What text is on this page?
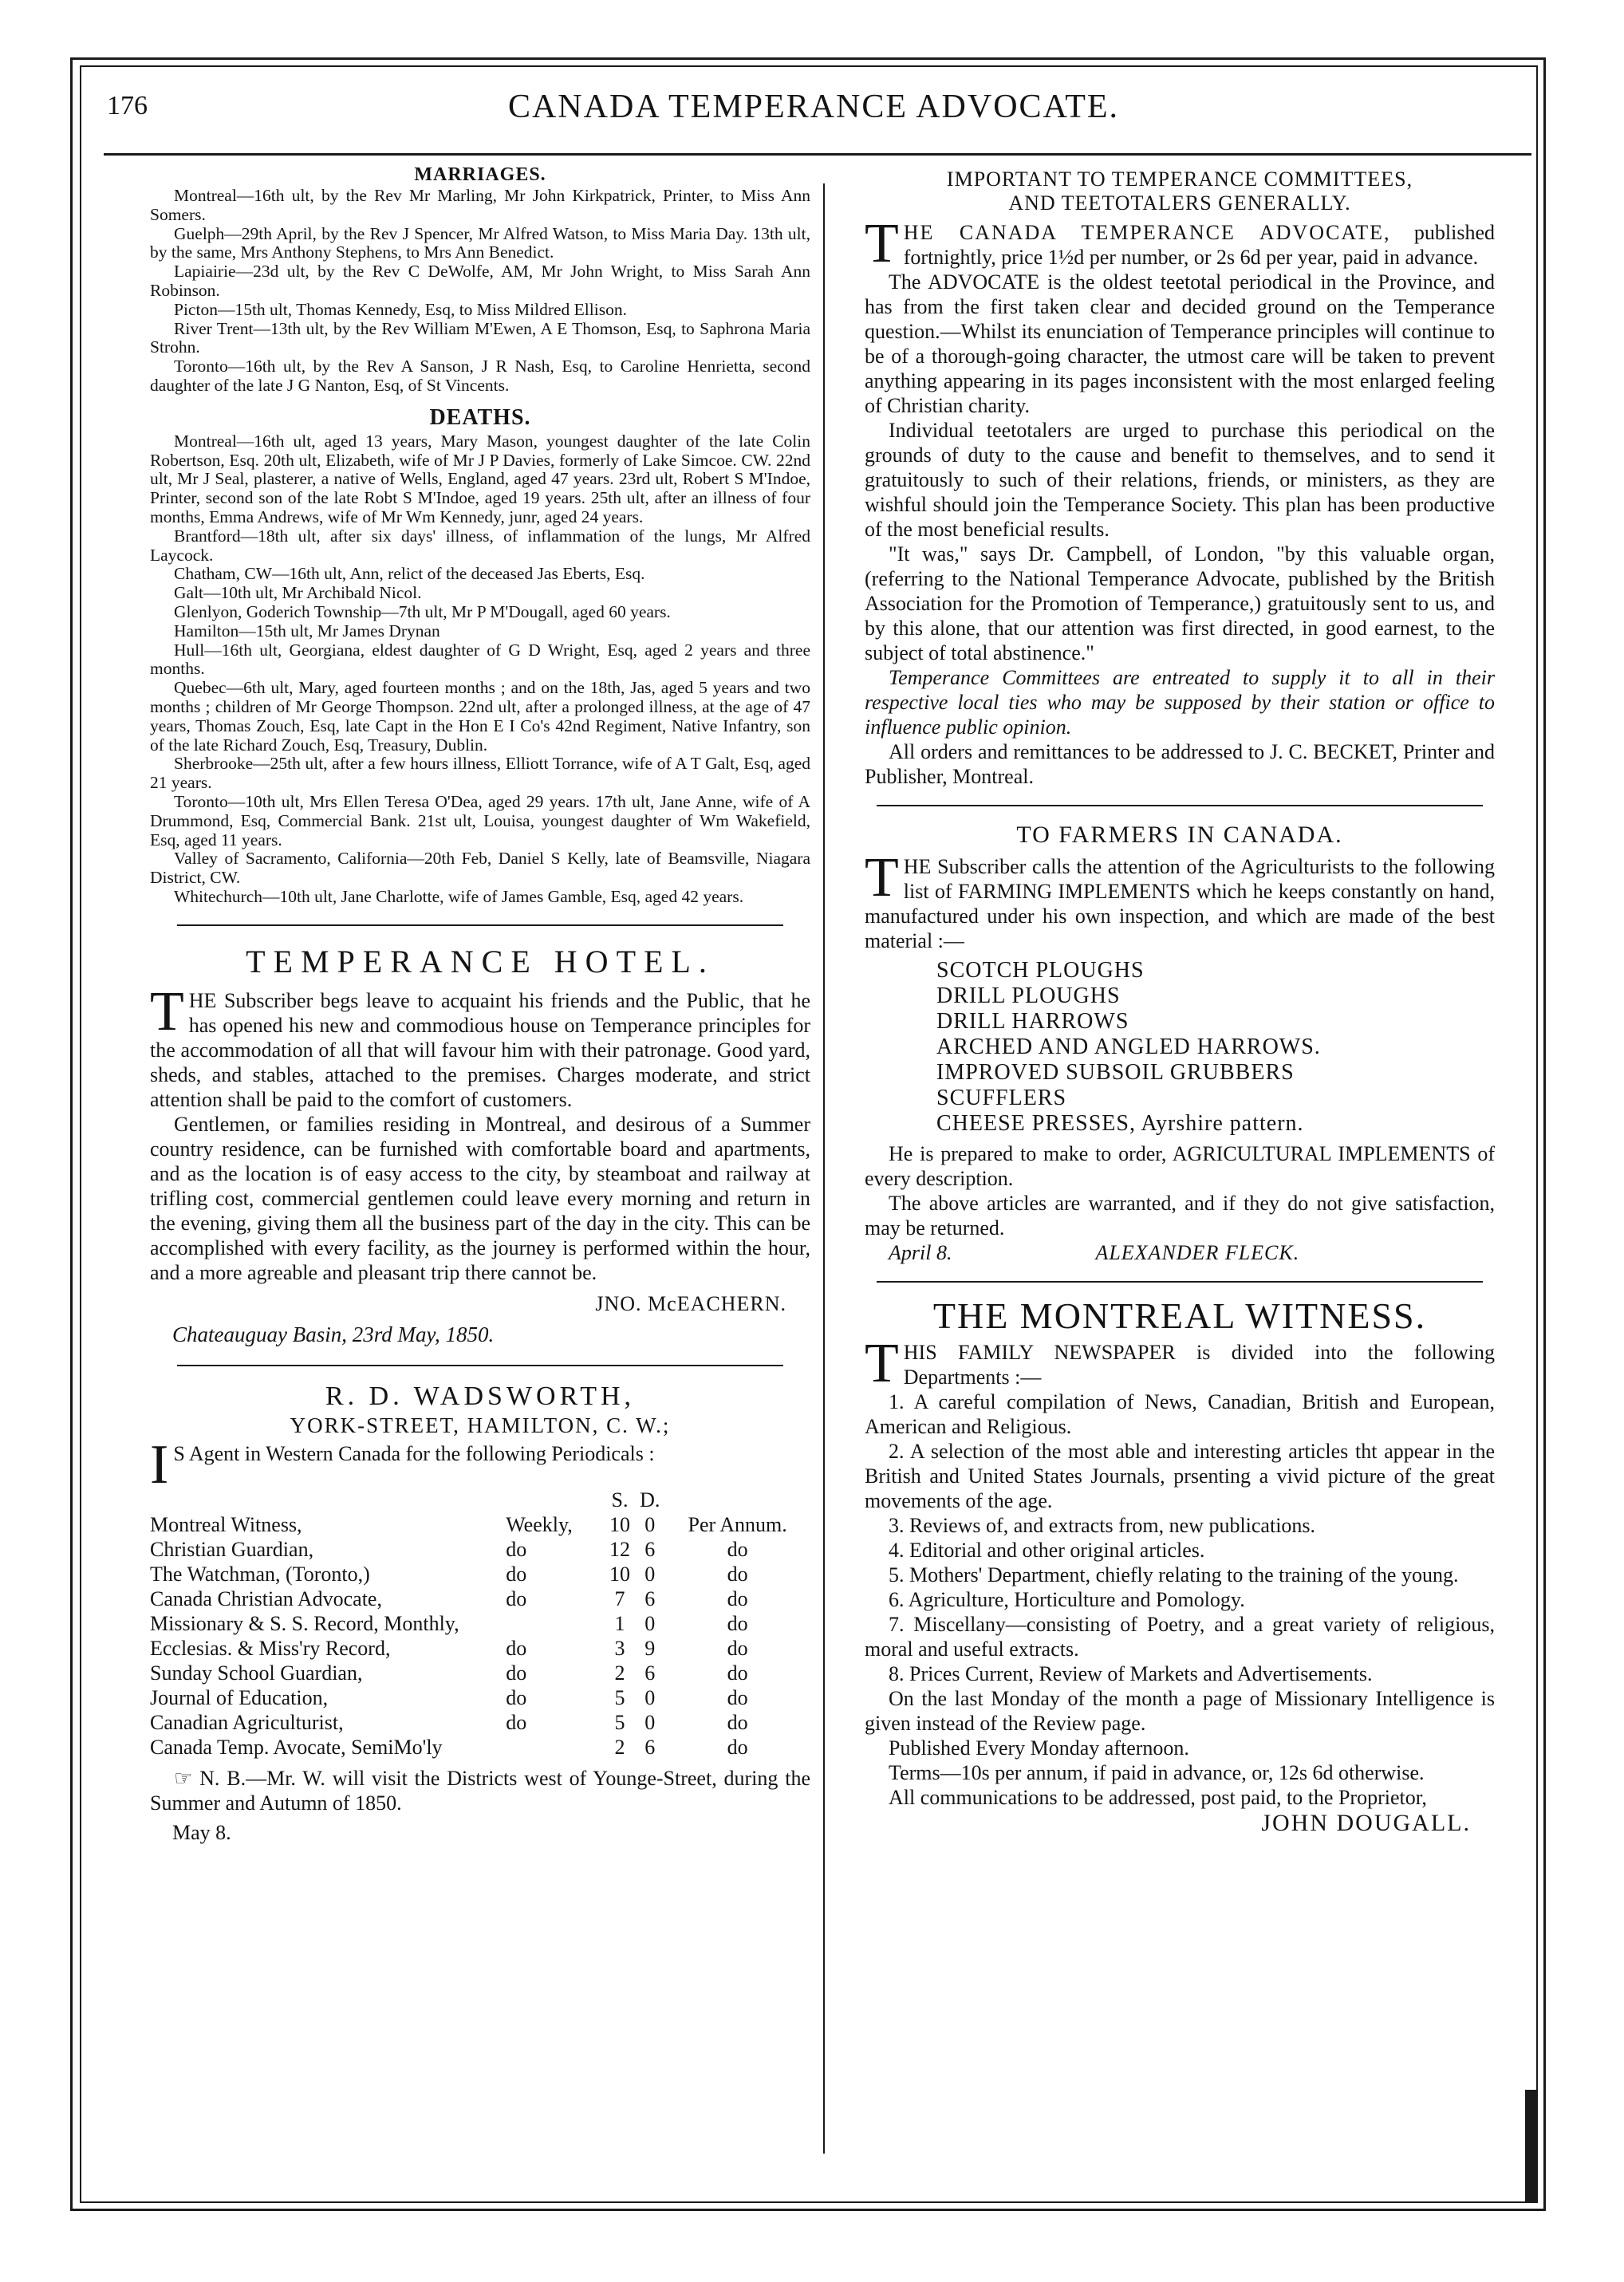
176	CANADA TEMPERANCE ADVOCATE.

MARRIAGES.

Montreal—16th ult, by the Rev Mr Marling, Mr John Kirkpatrick, Printer, to Miss Ann Somers.

Guelph—29th April, by the Rev J Spencer, Mr Alfred Watson, to Miss Maria Day. 13th ult, by the same, Mrs Anthony Stephens, to Mrs Ann Benedict.

Lapiairie—23d ult, by the Rev C DeWolfe, AM, Mr John Wright, to Miss Sarah Ann Robinson.

Picton—15th ult, Thomas Kennedy, Esq, to Miss Mildred Ellison.

River Trent—13th ult, by the Rev William M'Ewen, A E Thomson, Esq, to Saphrona Maria Strohn.

Toronto—16th ult, by the Rev A Sanson, J R Nash, Esq, to Caroline Henrietta, second daughter of the late J G Nanton, Esq, of St Vincents.

DEATHS.

Montreal—16th ult, aged 13 years, Mary Mason, youngest daughter of the late Colin Robertson, Esq. 20th ult, Elizabeth, wife of Mr J P Davies, formerly of Lake Simcoe. CW. 22nd ult, Mr J Seal, plasterer, a native of Wells, England, aged 47 years. 23rd ult, Robert S M'Indoe, Printer, second son of the late Robt S M'Indoe, aged 19 years. 25th ult, after an illness of four months, Emma Andrews, wife of Mr Wm Kennedy, junr, aged 24 years.

Brantford—18th ult, after six days' illness, of inflammation of the lungs, Mr Alfred Laycock.

Chatham, CW—16th ult, Ann, relict of the deceased Jas Eberts, Esq.

Galt—10th ult, Mr Archibald Nicol.

Glenlyon, Goderich Township—7th ult, Mr P M'Dougall, aged 60 years.

Hamilton—15th ult, Mr James Drynan

Hull—16th ult, Georgiana, eldest daughter of G D Wright, Esq, aged 2 years and three months.

Quebec—6th ult, Mary, aged fourteen months ; and on the 18th, Jas, aged 5 years and two months ; children of Mr George Thompson. 22nd ult, after a prolonged illness, at the age of 47 years, Thomas Zouch, Esq, late Capt in the Hon E I Co's 42nd Regiment, Native Infantry, son of the late Richard Zouch, Esq, Treasury, Dublin.

Sherbrooke—25th ult, after a few hours illness, Elliott Torrance, wife of A T Galt, Esq, aged 21 years.

Toronto—10th ult, Mrs Ellen Teresa O'Dea, aged 29 years. 17th ult, Jane Anne, wife of A Drummond, Esq, Commercial Bank. 21st ult, Louisa, youngest daughter of Wm Wakefield, Esq, aged 11 years.

Valley of Sacramento, California—20th Feb, Daniel S Kelly, late of Beamsville, Niagara District, CW.

Whitechurch—10th ult, Jane Charlotte, wife of James Gamble, Esq, aged 42 years.

TEMPERANCE HOTEL.

THE Subscriber begs leave to acquaint his friends and the Public, that he has opened his new and commodious house on Temperance principles for the accommodation of all that will favour him with their patronage. Good yard, sheds, and stables, attached to the premises. Charges moderate, and strict attention shall be paid to the comfort of customers.

Gentlemen, or families residing in Montreal, and desirous of a Summer country residence, can be furnished with comfortable board and apartments, and as the location is of easy access to the city, by steamboat and railway at trifling cost, commercial gentlemen could leave every morning and return in the evening, giving them all the business part of the day in the city. This can be accomplished with every facility, as the journey is performed within the hour, and a more agreable and pleasant trip there cannot be.

JNO. McEACHERN.

Chateauguay Basin, 23rd May, 1850.

R. D. WADSWORTH,

YORK-STREET, HAMILTON, C. W.;

I S Agent in Western Canada for the following Periodicals :

		S.	D.	
Montreal Witness,	Weekly,	10	0	Per Annum.
Christian Guardian,	do	12	6	do
The Watchman, (Toronto,)	do	10	0	do
Canada Christian Advocate,	do	7	6	do
Missionary & S. S. Record, Monthly,		1	0	do
Ecclesias. & Miss'ry Record,	do	3	9	do
Sunday School Guardian,	do	2	6	do
Journal of Education,	do	5	0	do
Canadian Agriculturist,	do	5	0	do
Canada Temp. Avocate, SemiMo'ly		2	6	do

☞ N. B.—Mr. W. will visit the Districts west of Younge-Street, during the Summer and Autumn of 1850.

May 8.

IMPORTANT TO TEMPERANCE COMMITTEES,

AND TEETOTALERS GENERALLY.

THE CANADA TEMPERANCE ADVOCATE, published fortnightly, price 1½d per number, or 2s 6d per year, paid in advance.

The ADVOCATE is the oldest teetotal periodical in the Province, and has from the first taken clear and decided ground on the Temperance question.—Whilst its enunciation of Temperance principles will continue to be of a thorough-going character, the utmost care will be taken to prevent anything appearing in its pages inconsistent with the most enlarged feeling of Christian charity.

Individual teetotalers are urged to purchase this periodical on the grounds of duty to the cause and benefit to themselves, and to send it gratuitously to such of their relations, friends, or ministers, as they are wishful should join the Temperance Society. This plan has been productive of the most beneficial results.

"It was," says Dr. Campbell, of London, "by this valuable organ, (referring to the National Temperance Advocate, published by the British Association for the Promotion of Temperance,) gratuitously sent to us, and by this alone, that our attention was first directed, in good earnest, to the subject of total abstinence."

Temperance Committees are entreated to supply it to all in their respective local ties who may be supposed by their station or office to influence public opinion.

All orders and remittances to be addressed to J. C. BECKET, Printer and Publisher, Montreal.

TO FARMERS IN CANADA.

THE Subscriber calls the attention of the Agriculturists to the following list of FARMING IMPLEMENTS which he keeps constantly on hand, manufactured under his own inspection, and which are made of the best material :—

SCOTCH PLOUGHS
DRILL PLOUGHS
DRILL HARROWS
ARCHED AND ANGLED HARROWS.
IMPROVED SUBSOIL GRUBBERS
SCUFFLERS
CHEESE PRESSES, Ayrshire pattern.

He is prepared to make to order, AGRICULTURAL IMPLEMENTS of every description.

The above articles are warranted, and if they do not give satisfaction, may be returned.

April 8.	ALEXANDER FLECK.

THE MONTREAL WITNESS.

THIS FAMILY NEWSPAPER is divided into the following Departments :—

1. A careful compilation of News, Canadian, British and European, American and Religious.

2. A selection of the most able and interesting articles tht appear in the British and United States Journals, prsenting a vivid picture of the great movements of the age.

3. Reviews of, and extracts from, new publications.

4. Editorial and other original articles.

5. Mothers' Department, chiefly relating to the training of the young.

6. Agriculture, Horticulture and Pomology.

7. Miscellany—consisting of Poetry, and a great variety of religious, moral and useful extracts.

8. Prices Current, Review of Markets and Advertisements.

On the last Monday of the month a page of Missionary Intelligence is given instead of the Review page.

Published Every Monday afternoon.

Terms—10s per annum, if paid in advance, or, 12s 6d otherwise.

All communications to be addressed, post paid, to the Proprietor,

JOHN DOUGALL.
